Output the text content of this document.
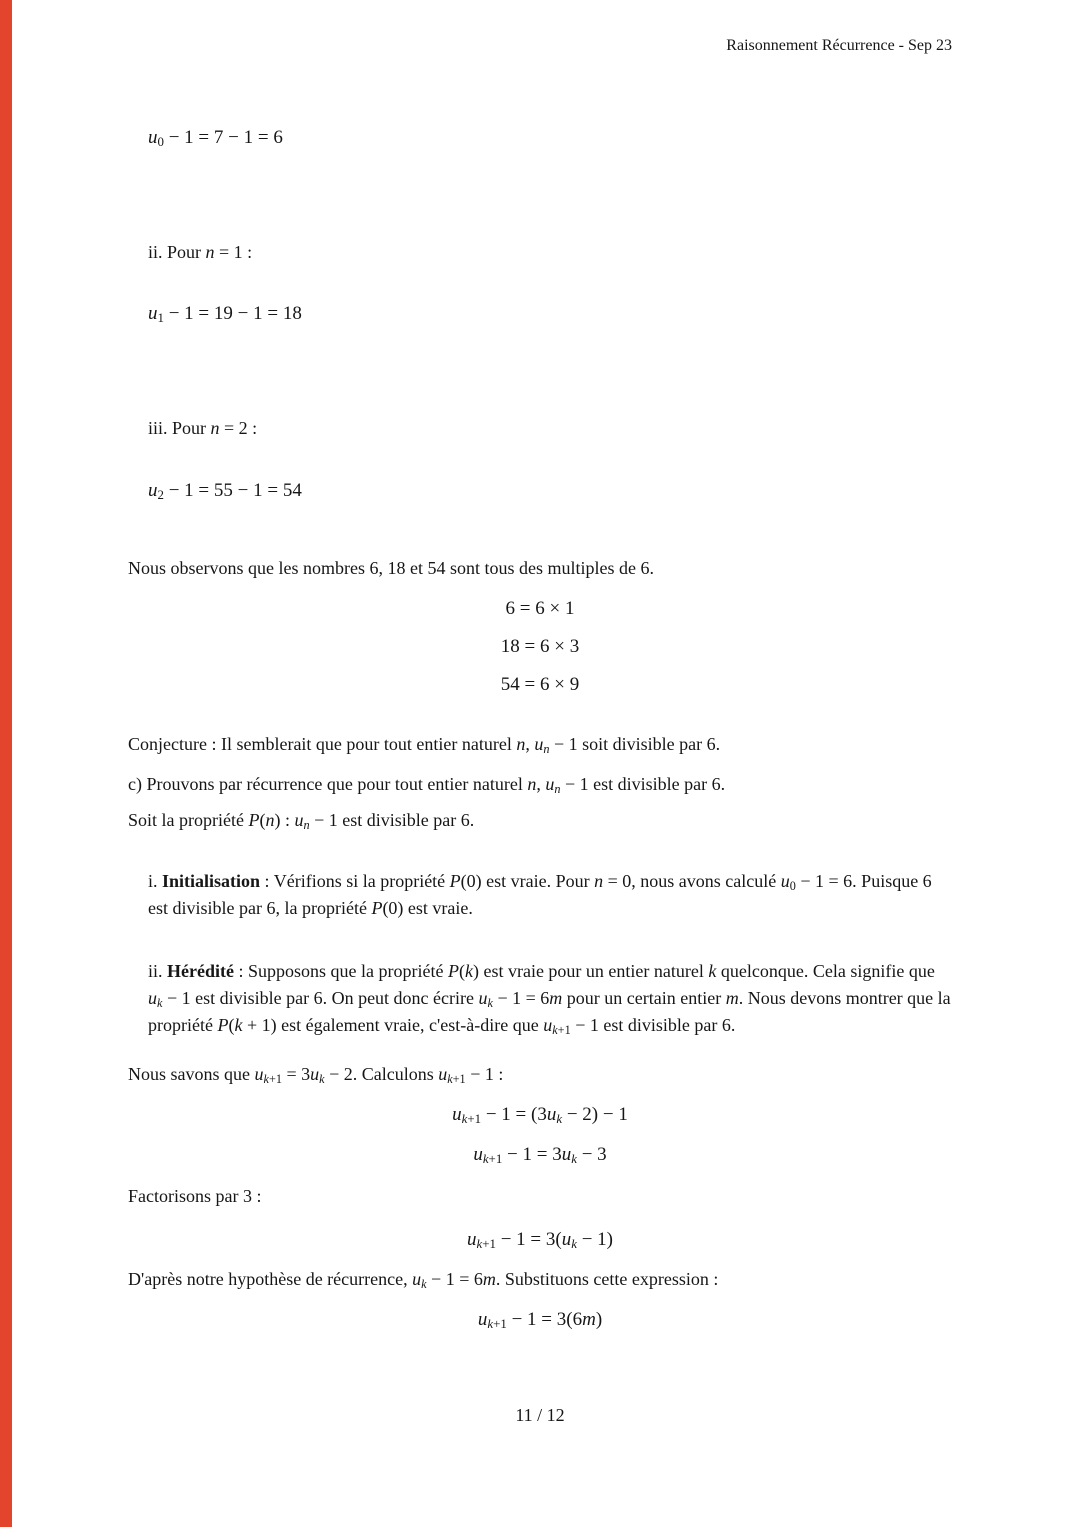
Raisonnement Récurrence - Sep 23
$u_0 - 1 = 7 - 1 = 6$
ii. Pour n = 1 :
$u_1 - 1 = 19 - 1 = 18$
iii. Pour n = 2 :
$u_2 - 1 = 55 - 1 = 54$
Nous observons que les nombres 6, 18 et 54 sont tous des multiples de 6.
6 = 6 × 1
18 = 6 × 3
54 = 6 × 9
Conjecture : Il semblerait que pour tout entier naturel n, $u_n - 1$ soit divisible par 6.
c) Prouvons par récurrence que pour tout entier naturel n, $u_n - 1$ est divisible par 6.
Soit la propriété P(n) : $u_n - 1$ est divisible par 6.
i. Initialisation : Vérifions si la propriété P(0) est vraie. Pour n = 0, nous avons calculé $u_0 - 1 = 6$. Puisque 6 est divisible par 6, la propriété P(0) est vraie.
ii. Hérédité : Supposons que la propriété P(k) est vraie pour un entier naturel k quelconque. Cela signifie que $u_k - 1$ est divisible par 6. On peut donc écrire $u_k - 1 = 6m$ pour un certain entier m. Nous devons montrer que la propriété P(k + 1) est également vraie, c'est-à-dire que $u_{k+1} - 1$ est divisible par 6.
Nous savons que $u_{k+1} = 3u_k - 2$. Calculons $u_{k+1} - 1$ :
$u_{k+1} - 1 = (3u_k - 2) - 1$
$u_{k+1} - 1 = 3u_k - 3$
Factorisons par 3 :
$u_{k+1} - 1 = 3(u_k - 1)$
D'après notre hypothèse de récurrence, $u_k - 1 = 6m$. Substituons cette expression :
$u_{k+1} - 1 = 3(6m)$
11 / 12
